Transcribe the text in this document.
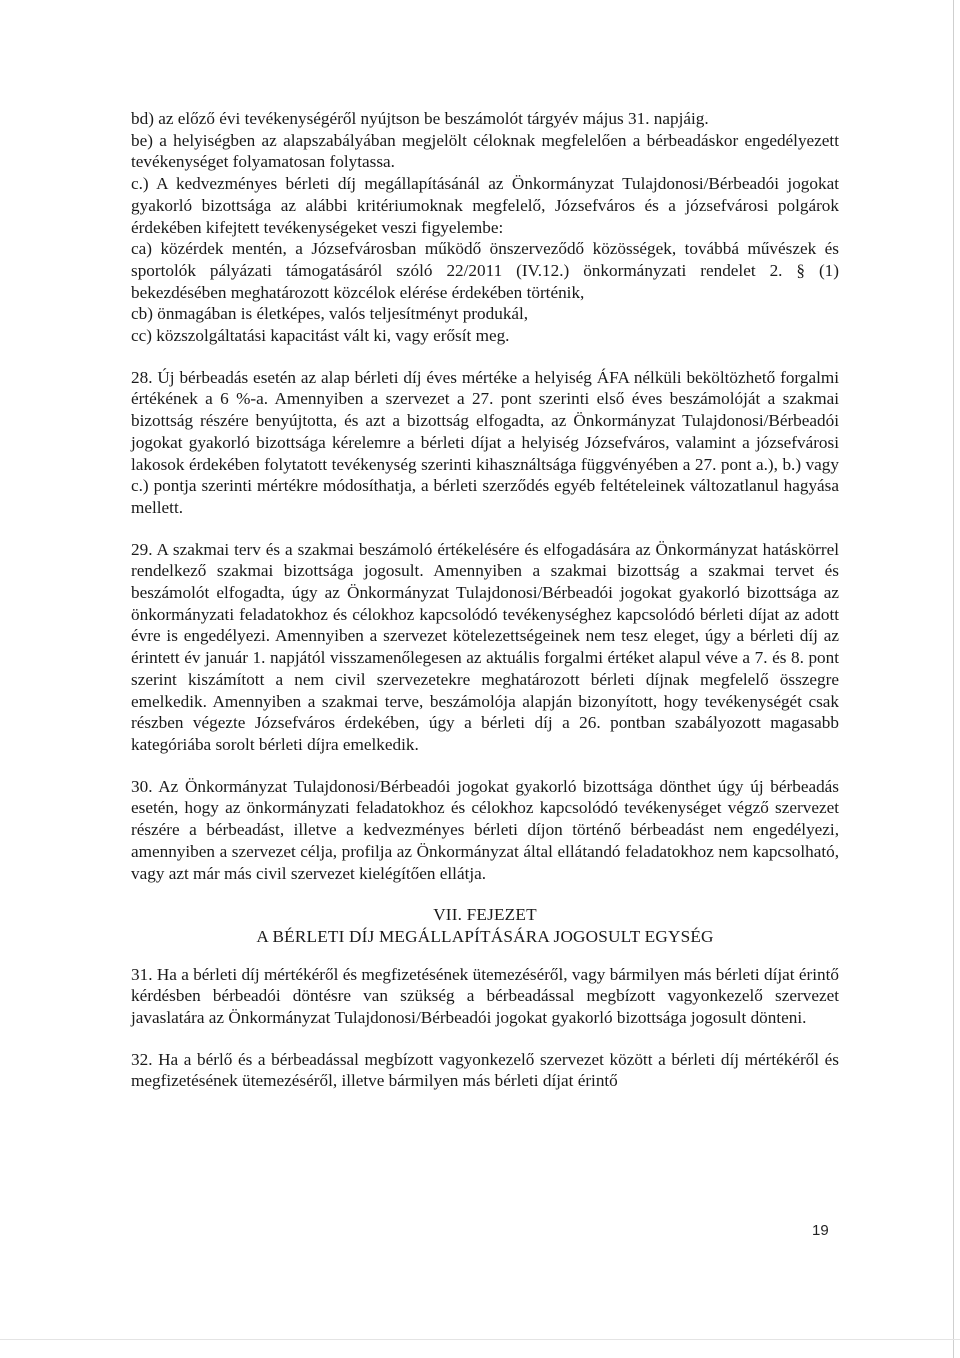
bd) az előző évi tevékenységéről nyújtson be beszámolót tárgyév május 31. napjáig.

be) a helyiségben az alapszabályában megjelölt céloknak megfelelően a bérbeadáskor engedélyezett tevékenységet folyamatosan folytassa.

c.) A kedvezményes bérleti díj megállapításánál az Önkormányzat Tulajdonosi/Bérbeadói jogokat gyakorló bizottsága az alábbi kritériumoknak megfelelő, Józsefváros és a józsefvárosi polgárok érdekében kifejtett tevékenységeket veszi figyelembe:

ca) közérdek mentén, a Józsefvárosban működő önszerveződő közösségek, továbbá művészek és sportolók pályázati támogatásáról szóló 22/2011 (IV.12.) önkormányzati rendelet 2. § (1) bekezdésében meghatározott közcélok elérése érdekében történik,

cb) önmagában is életképes, valós teljesítményt produkál,

cc) közszolgáltatási kapacitást vált ki, vagy erősít meg.

28. Új bérbeadás esetén az alap bérleti díj éves mértéke a helyiség ÁFA nélküli beköltözhető forgalmi értékének a 6 %-a. Amennyiben a szervezet a 27. pont szerinti első éves beszámolóját a szakmai bizottság részére benyújtotta, és azt a bizottság elfogadta, az Önkormányzat Tulajdonosi/Bérbeadói jogokat gyakorló bizottsága kérelemre a bérleti díjat a helyiség Józsefváros, valamint a józsefvárosi lakosok érdekében folytatott tevékenység szerinti kihasználtsága függvényében a 27. pont a.), b.) vagy c.) pontja szerinti mértékre módosíthatja, a bérleti szerződés egyéb feltételeinek változatlanul hagyása mellett.

29. A szakmai terv és a szakmai beszámoló értékelésére és elfogadására az Önkormányzat hatáskörrel rendelkező szakmai bizottsága jogosult. Amennyiben a szakmai bizottság a szakmai tervet és beszámolót elfogadta, úgy az Önkormányzat Tulajdonosi/Bérbeadói jogokat gyakorló bizottsága az önkormányzati feladatokhoz és célokhoz kapcsolódó tevékenységhez kapcsolódó bérleti díjat az adott évre is engedélyezi. Amennyiben a szervezet kötelezettségeinek nem tesz eleget, úgy a bérleti díj az érintett év január 1. napjától visszamenőlegesen az aktuális forgalmi értéket alapul véve a 7. és 8. pont szerint kiszámított a nem civil szervezetekre meghatározott bérleti díjnak megfelelő összegre emelkedik. Amennyiben a szakmai terve, beszámolója alapján bizonyított, hogy tevékenységét csak részben végezte Józsefváros érdekében, úgy a bérleti díj a 26. pontban szabályozott magasabb kategóriába sorolt bérleti díjra emelkedik.

30. Az Önkormányzat Tulajdonosi/Bérbeadói jogokat gyakorló bizottsága dönthet úgy új bérbeadás esetén, hogy az önkormányzati feladatokhoz és célokhoz kapcsolódó tevékenységet végző szervezet részére a bérbeadást, illetve a kedvezményes bérleti díjon történő bérbeadást nem engedélyezi, amennyiben a szervezet célja, profilja az Önkormányzat által ellátandó feladatokhoz nem kapcsolható, vagy azt már más civil szervezet kielégítően ellátja.

VII. FEJEZET

A BÉRLETI DÍJ MEGÁLLAPÍTÁSÁRA JOGOSULT EGYSÉG

31. Ha a bérleti díj mértékéről és megfizetésének ütemezéséről, vagy bármilyen más bérleti díjat érintő kérdésben bérbeadói döntésre van szükség a bérbeadással megbízott vagyonkezelő szervezet javaslatára az Önkormányzat Tulajdonosi/Bérbeadói jogokat gyakorló bizottsága jogosult dönteni.

32. Ha a bérlő és a bérbeadással megbízott vagyonkezelő szervezet között a bérleti díj mértékéről és megfizetésének ütemezéséről, illetve bármilyen más bérleti díjat érintő

19
